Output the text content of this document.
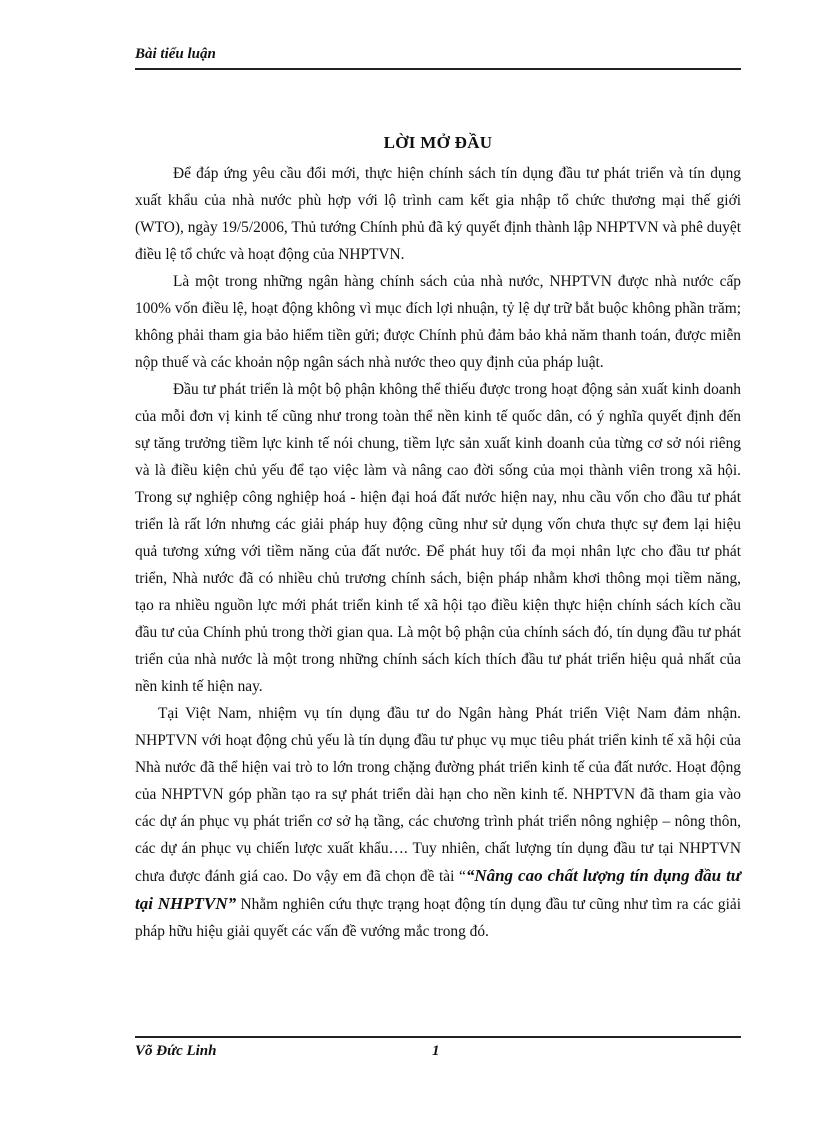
Bài tiểu luận
LỜI MỞ ĐẦU

Để đáp ứng yêu cầu đổi mới, thực hiện chính sách tín dụng đầu tư phát triển và tín dụng xuất khẩu của nhà nước phù hợp với lộ trình cam kết gia nhập tổ chức thương mại thế giới (WTO), ngày 19/5/2006, Thủ tướng Chính phủ đã ký quyết định thành lập NHPTVN và phê duyệt điều lệ tổ chức và hoạt động của NHPTVN.

Là một trong những ngân hàng chính sách của nhà nước, NHPTVN được nhà nước cấp 100% vốn điều lệ, hoạt động không vì mục đích lợi nhuận, tỷ lệ dự trữ bắt buộc không phần trăm; không phải tham gia bảo hiểm tiền gửi; được Chính phủ đảm bảo khả năm thanh toán, được miễn nộp thuế và các khoản nộp ngân sách nhà nước theo quy định của pháp luật.

Đầu tư phát triển là một bộ phận không thể thiếu được trong hoạt động sản xuất kinh doanh của mỗi đơn vị kinh tế cũng như trong toàn thể nền kinh tế quốc dân, có ý nghĩa quyết định đến sự tăng trưởng tiềm lực kinh tế nói chung, tiềm lực sản xuất kinh doanh của từng cơ sở nói riêng và là điều kiện chủ yếu để tạo việc làm và nâng cao đời sống của mọi thành viên trong xã hội. Trong sự nghiệp công nghiệp hoá - hiện đại hoá đất nước hiện nay, nhu cầu vốn cho đầu tư phát triển là rất lớn nhưng các giải pháp huy động cũng như sử dụng vốn chưa thực sự đem lại hiệu quả tương xứng với tiềm năng của đất nước. Để phát huy tối đa mọi nhân lực cho đầu tư phát triển, Nhà nước đã có nhiều chủ trương chính sách, biện pháp nhằm khơi thông mọi tiềm năng, tạo ra nhiều nguồn lực mới phát triển kinh tế xã hội tạo điều kiện thực hiện chính sách kích cầu đầu tư của Chính phủ trong thời gian qua. Là một bộ phận của chính sách đó, tín dụng đầu tư phát triển của nhà nước là một trong những chính sách kích thích đầu tư phát triển hiệu quả nhất của nền kinh tế hiện nay.

Tại Việt Nam, nhiệm vụ tín dụng đầu tư do Ngân hàng Phát triển Việt Nam đảm nhận. NHPTVN với hoạt động chủ yếu là tín dụng đầu tư phục vụ mục tiêu phát triển kinh tế xã hội của Nhà nước đã thể hiện vai trò to lớn trong chặng đường phát triển kinh tế của đất nước. Hoạt động của NHPTVN góp phần tạo ra sự phát triển dài hạn cho nền kinh tế. NHPTVN đã tham gia vào các dự án phục vụ phát triển cơ sở hạ tầng, các chương trình phát triển nông nghiệp – nông thôn, các dự án phục vụ chiến lược xuất khẩu…. Tuy nhiên, chất lượng tín dụng đầu tư tại NHPTVN chưa được đánh giá cao. Do vậy em đã chọn đề tài ““Nâng cao chất lượng tín dụng đầu tư tại NHPTVN” Nhằm nghiên cứu thực trạng hoạt động tín dụng đầu tư cũng như tìm ra các giải pháp hữu hiệu giải quyết các vấn đề vướng mắc trong đó.

Võ Đức Linh	1
